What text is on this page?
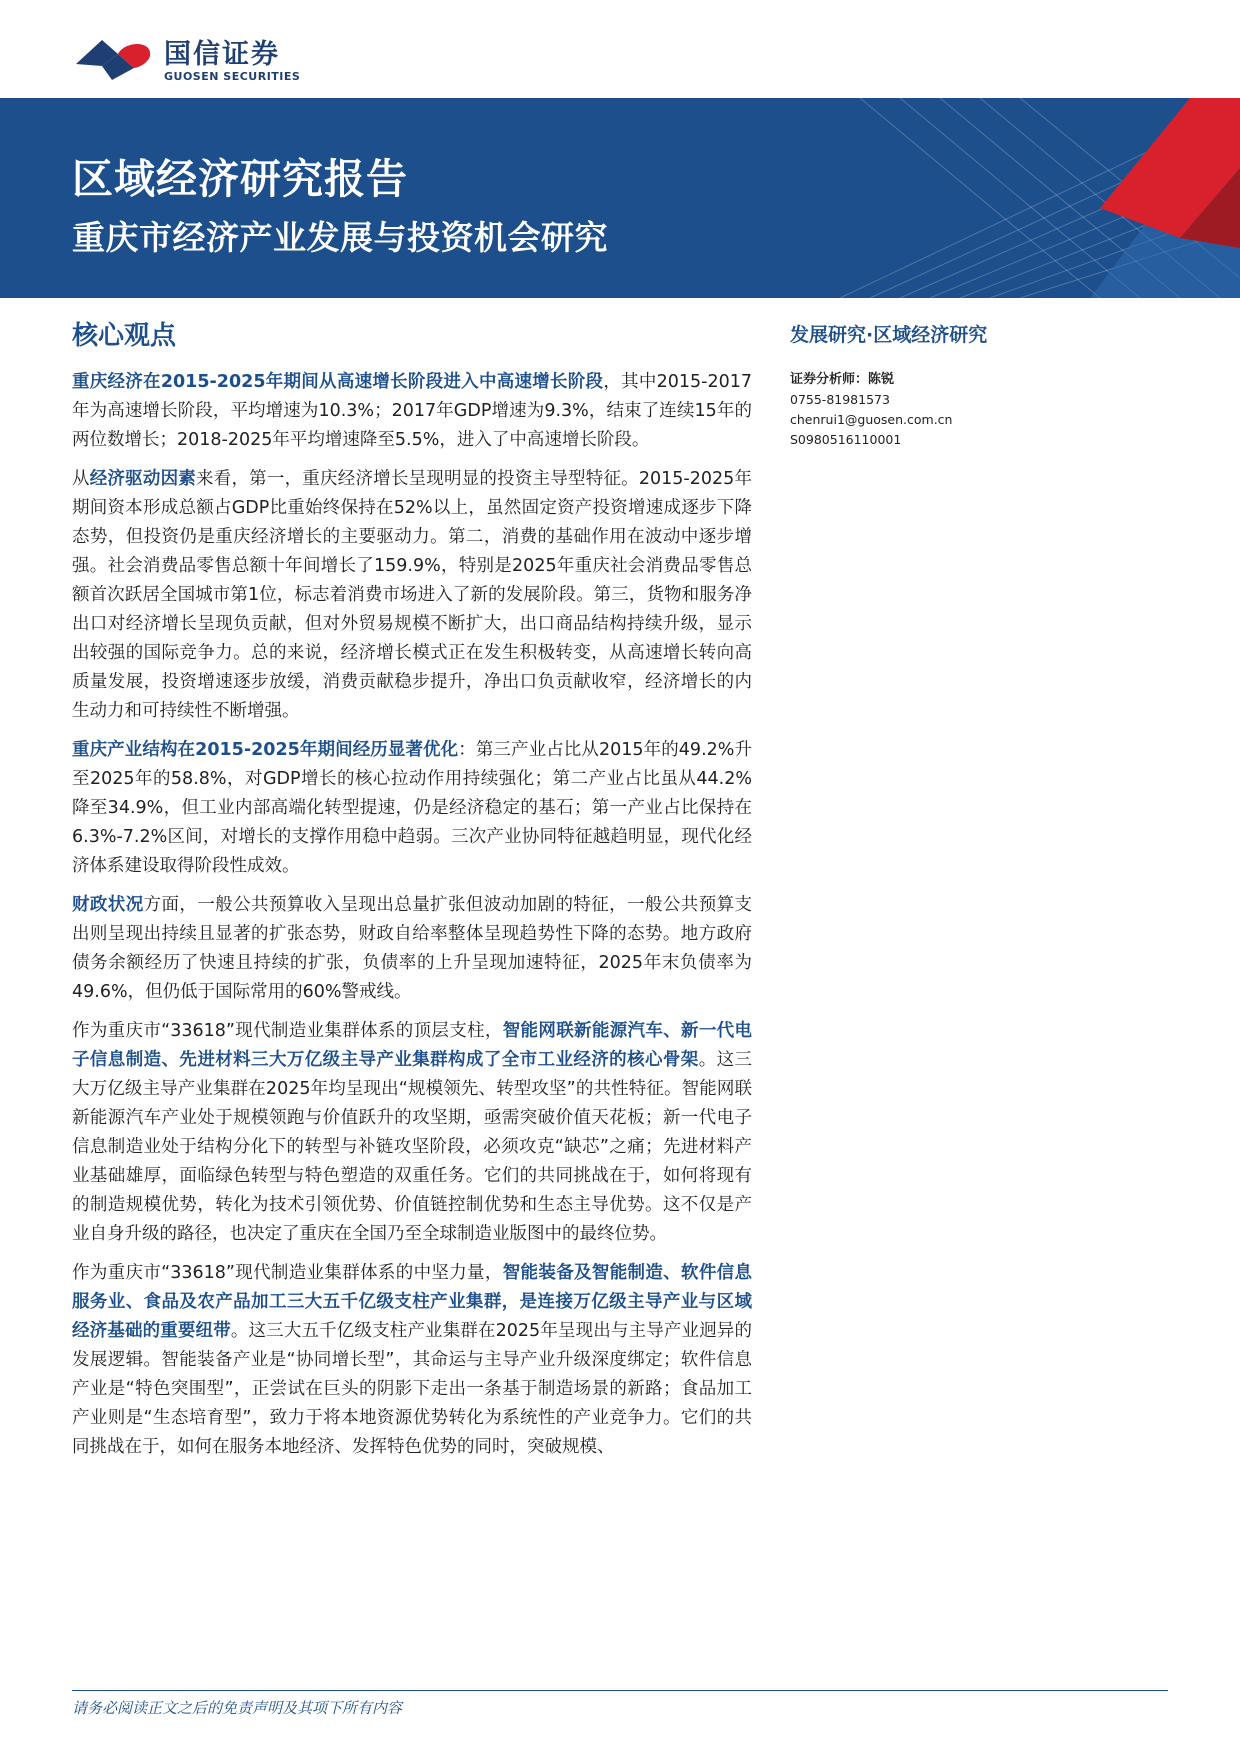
国信证券
GUOSEN SECURITIES
区域经济研究报告
重庆市经济产业发展与投资机会研究
核心观点

重庆经济在2015-2025年期间从高速增长阶段进入中高速增长阶段，其中2015-2017年为高速增长阶段，平均增速为10.3%；2017年GDP增速为9.3%，结束了连续15年的两位数增长；2018-2025年平均增速降至5.5%，进入了中高速增长阶段。

从经济驱动因素来看，第一，重庆经济增长呈现明显的投资主导型特征。2015-2025年期间资本形成总额占GDP比重始终保持在52%以上，虽然固定资产投资增速成逐步下降态势，但投资仍是重庆经济增长的主要驱动力。第二，消费的基础作用在波动中逐步增强。社会消费品零售总额十年间增长了159.9%，特别是2025年重庆社会消费品零售总额首次跃居全国城市第1位，标志着消费市场进入了新的发展阶段。第三，货物和服务净出口对经济增长呈现负贡献，但对外贸易规模不断扩大，出口商品结构持续升级，显示出较强的国际竞争力。总的来说，经济增长模式正在发生积极转变，从高速增长转向高质量发展，投资增速逐步放缓，消费贡献稳步提升，净出口负贡献收窄，经济增长的内生动力和可持续性不断增强。

重庆产业结构在2015-2025年期间经历显著优化：第三产业占比从2015年的49.2%升至2025年的58.8%，对GDP增长的核心拉动作用持续强化；第二产业占比虽从44.2%降至34.9%，但工业内部高端化转型提速，仍是经济稳定的基石；第一产业占比保持在6.3%-7.2%区间，对增长的支撑作用稳中趋弱。三次产业协同特征越趋明显，现代化经济体系建设取得阶段性成效。

财政状况方面，一般公共预算收入呈现出总量扩张但波动加剧的特征，一般公共预算支出则呈现出持续且显著的扩张态势，财政自给率整体呈现趋势性下降的态势。地方政府债务余额经历了快速且持续的扩张，负债率的上升呈现加速特征，2025年末负债率为49.6%，但仍低于国际常用的60%警戒线。

作为重庆市“33618”现代制造业集群体系的顶层支柱，智能网联新能源汽车、新一代电子信息制造、先进材料三大万亿级主导产业集群构成了全市工业经济的核心骨架。这三大万亿级主导产业集群在2025年均呈现出“规模领先、转型攻坚”的共性特征。智能网联新能源汽车产业处于规模领跑与价值跃升的攻坚期，亟需突破价值天花板；新一代电子信息制造业处于结构分化下的转型与补链攻坚阶段，必须攻克“缺芯”之痛；先进材料产业基础雄厚，面临绿色转型与特色塑造的双重任务。它们的共同挑战在于，如何将现有的制造规模优势，转化为技术引领优势、价值链控制优势和生态主导优势。这不仅是产业自身升级的路径，也决定了重庆在全国乃至全球制造业版图中的最终位势。

作为重庆市“33618”现代制造业集群体系的中坚力量，智能装备及智能制造、软件信息服务业、食品及农产品加工三大五千亿级支柱产业集群，是连接万亿级主导产业与区域经济基础的重要纽带。这三大五千亿级支柱产业集群在2025年呈现出与主导产业迥异的发展逻辑。智能装备产业是“协同增长型”，其命运与主导产业升级深度绑定；软件信息产业是“特色突围型”，正尝试在巨头的阴影下走出一条基于制造场景的新路；食品加工产业则是“生态培育型”，致力于将本地资源优势转化为系统性的产业竞争力。它们的共同挑战在于，如何在服务本地经济、发挥特色优势的同时，突破规模、

发展研究·区域经济研究
证券分析师：陈锐
0755-81981573
chenrui1@guosen.com.cn
S0980516110001
请务必阅读正文之后的免责声明及其项下所有内容
